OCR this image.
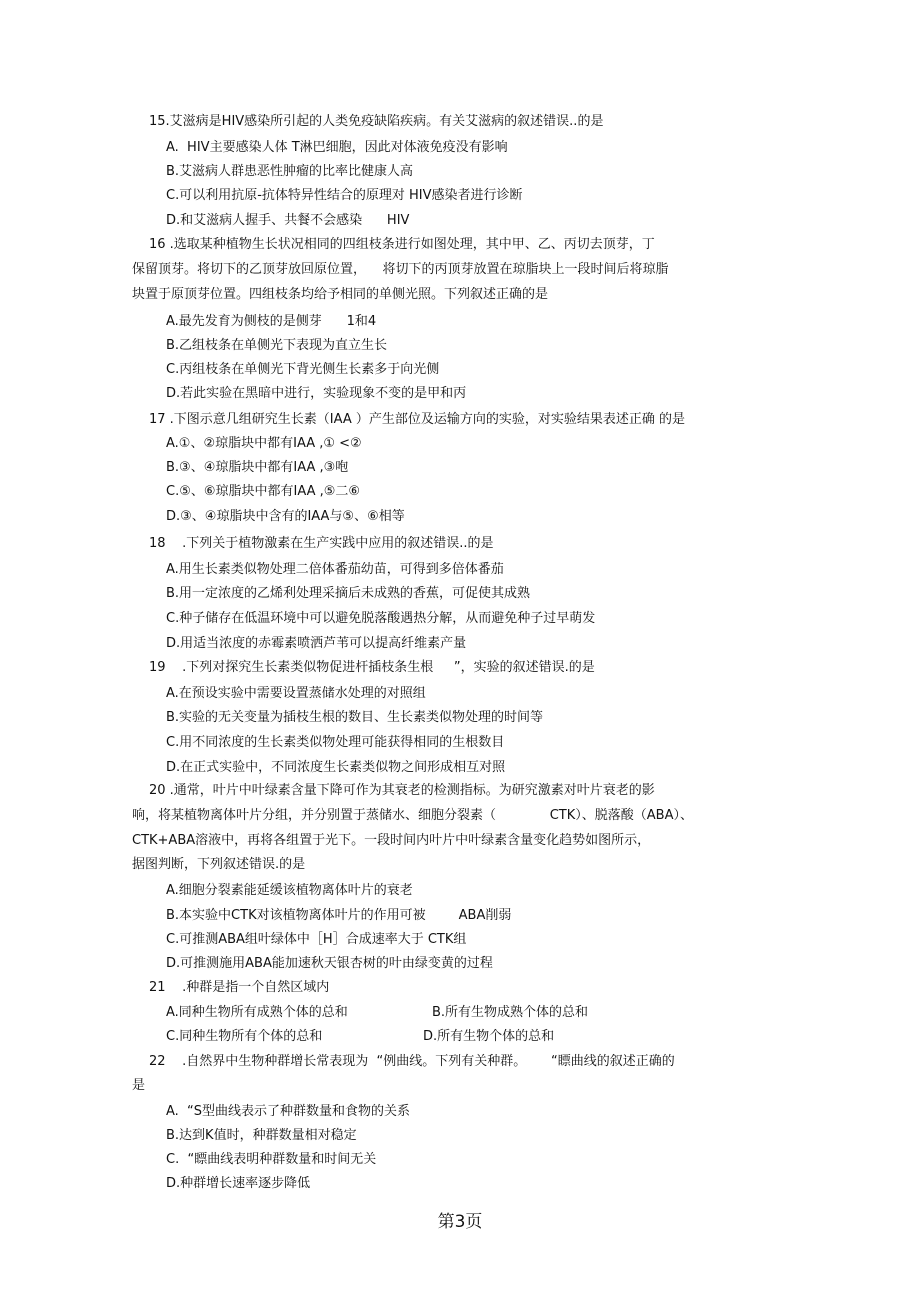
15.艾滋病是HIV感染所引起的人类免疫缺陷疾病。有关艾滋病的叙述错误..的是
A.  HIV主要感染人体 T淋巴细胞，因此对体液免疫没有影响
B.艾滋病人群患恶性肿瘤的比率比健康人高
C.可以利用抗原-抗体特异性结合的原理对 HIV感染者进行诊断
D.和艾滋病人握手、共餐不会感染      HIV
16 .选取某种植物生长状况相同的四组枝条进行如图处理，其中甲、乙、丙切去顶芽，丁
保留顶芽。将切下的乙顶芽放回原位置，    将切下的丙顶芽放置在琼脂块上一段时间后将琼脂
块置于原顶芽位置。四组枝条均给予相同的单侧光照。下列叙述正确的是
A.最先发育为侧枝的是侧芽      1和4
B.乙组枝条在单侧光下表现为直立生长
C.丙组枝条在单侧光下背光侧生长素多于向光侧
D.若此实验在黑暗中进行，实验现象不变的是甲和丙
17 .下图示意几组研究生长素（IAA ）产生部位及运输方向的实验，对实验结果表述正确 的是
A.①、②琼脂块中都有IAA ,① <②
B.③、④琼脂块中都有IAA ,③咆
C.⑤、⑥琼脂块中都有IAA ,⑤二⑥
D.③、④琼脂块中含有的IAA与⑤、⑥相等
18    .下列关于植物激素在生产实践中应用的叙述错误..的是
A.用生长素类似物处理二倍体番茄幼苗，可得到多倍体番茄
B.用一定浓度的乙烯利处理采摘后未成熟的香蕉，可促使其成熟
C.种子储存在低温环境中可以避免脱落酸遇热分解，从而避免种子过早萌发
D.用适当浓度的赤霉素喷洒芦苇可以提高纤维素产量
19    .下列对探究生长素类似物促进杆插枝条生根     ”，实验的叙述错误.的是
A.在预设实验中需要设置蒸储水处理的对照组
B.实验的无关变量为插枝生根的数目、生长素类似物处理的时间等
C.用不同浓度的生长素类似物处理可能获得相同的生根数目
D.在正式实验中，不同浓度生长素类似物之间形成相互对照
20 .通常，叶片中叶绿素含量下降可作为其衰老的检测指标。为研究激素对叶片衰老的影
响，将某植物离体叶片分组，并分别置于蒸储水、细胞分裂素（             CTK）、脱落酸（ABA）、
CTK+ABA溶液中，再将各组置于光下。一段时间内叶片中叶绿素含量变化趋势如图所示，
据图判断，下列叙述错误.的是
A.细胞分裂素能延缓该植物离体叶片的衰老
B.本实验中CTK对该植物离体叶片的作用可被        ABA削弱
C.可推测ABA组叶绿体中［H］合成速率大于 CTK组
D.可推测施用ABA能加速秋天银杏树的叶由绿变黄的过程
21    .种群是指一个自然区域内
A.同种生物所有成熟个体的总和	B.所有生物成熟个体的总和
C.同种生物所有个体的总和	D.所有生物个体的总和
22    .自然界中生物种群增长常表现为  “例曲线。下列有关种群。      “瞟曲线的叙述正确的
是
A.  “S型曲线表示了种群数量和食物的关系
B.达到K值时，种群数量相对稳定
C.  “瞟曲线表明种群数量和时间无关
D.种群增长速率逐步降低
第3页
